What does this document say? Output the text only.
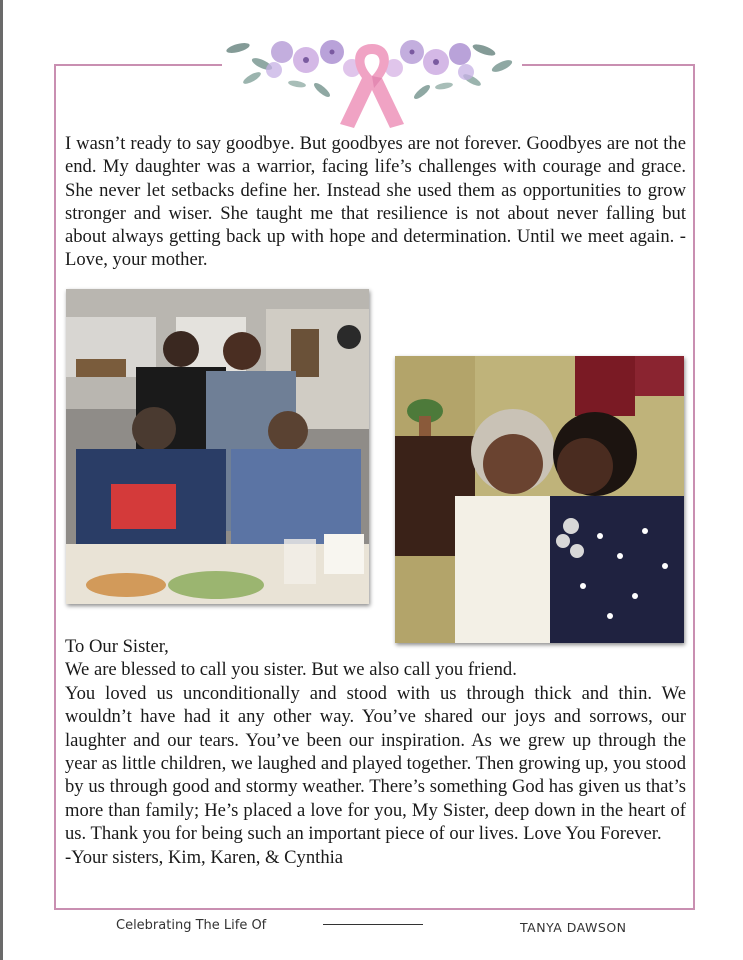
I wasn’t ready to say goodbye. But goodbyes are not forever. Goodbyes are not the end. My daughter was a warrior, facing life’s challenges with courage and grace. She never let setbacks define her. Instead she used them as opportunities to grow stronger and wiser. She taught me that resilience is not about never falling but about always getting back up with hope and determination. Until we meet again. -Love, your mother.

To Our Sister,
We are blessed to call you sister. But we also call you friend.
You loved us unconditionally and stood with us through thick and thin. We wouldn’t have had it any other way. You’ve shared our joys and sorrows, our laughter and our tears. You’ve been our inspiration. As we grew up through the year as little children, we laughed and played together. Then growing up, you stood by us through good and stormy weather. There’s something God has given us that’s more than family; He’s placed a love for you, My Sister, deep down in the heart of us. Thank you for being such an important piece of our lives. Love You Forever.
-Your sisters, Kim, Karen, & Cynthia
Celebrating The Life Of	TANYA DAWSON
